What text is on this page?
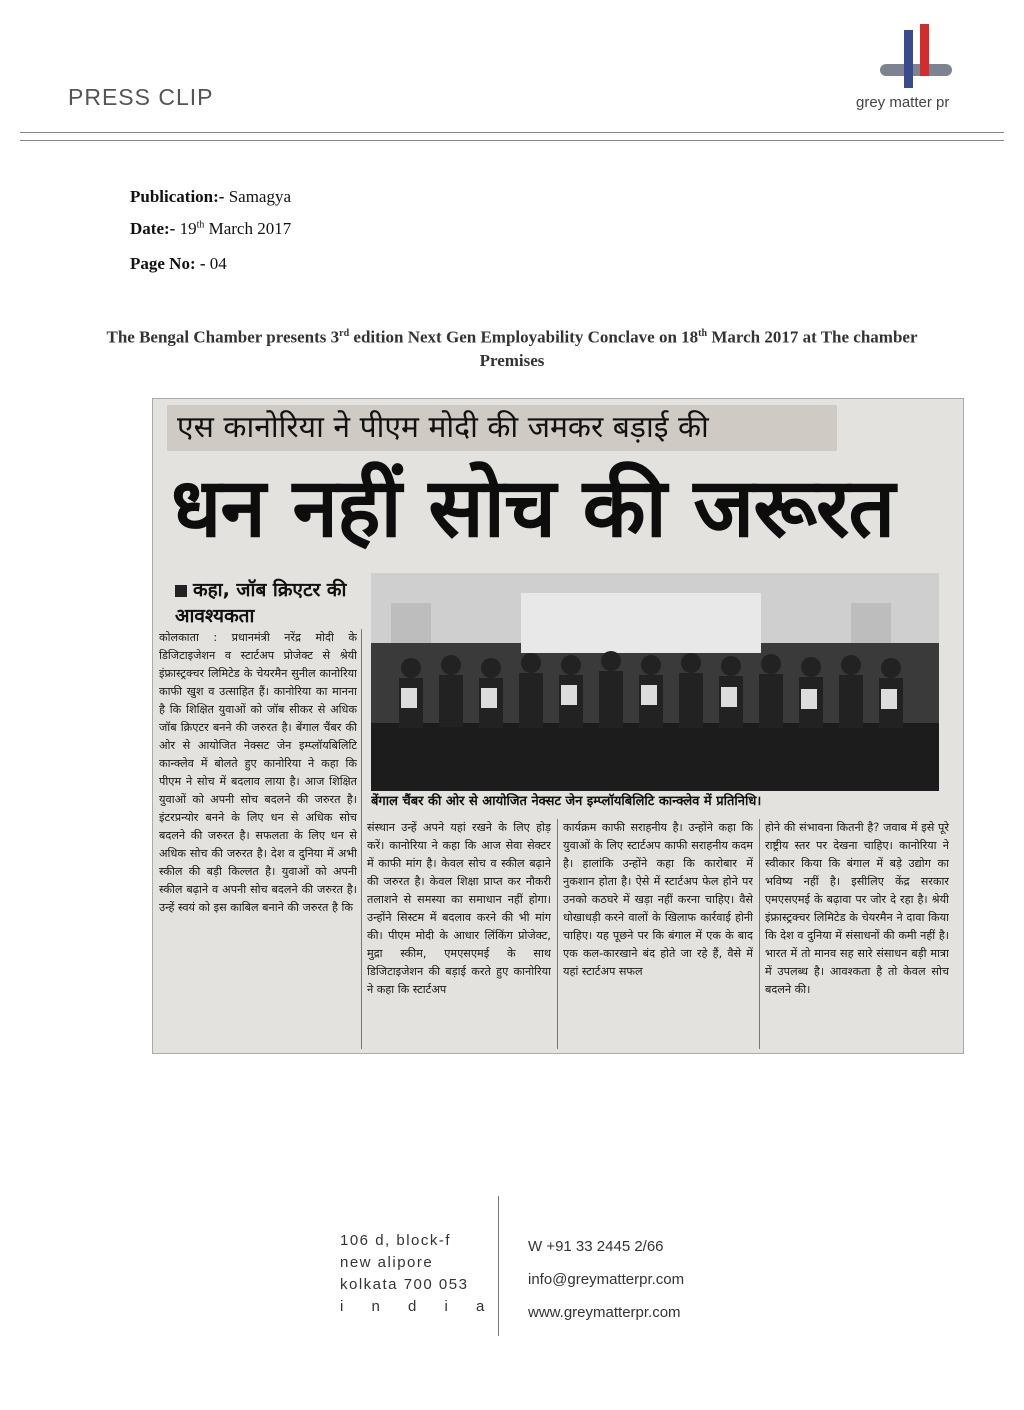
PRESS CLIP	grey matter pr
Publication:- Samagya
Date:- 19th March 2017
Page No: - 04
The Bengal Chamber presents 3rd edition Next Gen Employability Conclave on 18th March 2017 at The chamber Premises
एस कानोरिया ने पीएम मोदी की जमकर बड़ाई की
धन नहीं सोच की जरूरत
कहा, जॉब क्रिएटर की आवश्यकता
बेंगाल चैंबर की ओर से आयोजित नेक्सट जेन इम्प्लॉयबिलिटि कान्क्लेव में प्रतिनिधि।
कोलकाता : प्रधानमंत्री नरेंद्र मोदी के डिजिटाइजेशन व स्टार्टअप प्रोजेक्ट से श्रेयी इंफ्रास्ट्रक्चर लिमिटेड के चेयरमैन सुनील कानोरिया काफी खुश व उत्साहित हैं। कानोरिया का मानना है कि शिक्षित युवाओं को जॉब सीकर से अधिक जॉब क्रिएटर बनने की जरुरत है। बेंगाल चैंबर की ओर से आयोजित नेक्सट जेन इम्प्लॉयबिलिटि कान्क्लेव में बोलते हुए कानोरिया ने कहा कि पीएम ने सोच में बदलाव लाया है। आज शिक्षित युवाओं को अपनी सोच बदलने की जरुरत है। इंटरप्रन्योर बनने के लिए धन से अधिक सोच बदलने की जरुरत है। सफलता के लिए धन से अधिक सोच की जरुरत है। देश व दुनिया में अभी स्कील की बड़ी किल्लत है। युवाओं को अपनी स्कील बढ़ाने व अपनी सोच बदलने की जरुरत है। उन्हें स्वयं को इस काबिल बनाने की जरुरत है कि
संस्थान उन्हें अपने यहां रखने के लिए होड़ करें। कानोरिया ने कहा कि आज सेवा सेक्टर में काफी मांग है। केवल सोच व स्कील बढ़ाने की जरुरत है। केवल शिक्षा प्राप्त कर नौकरी तलाशने से समस्या का समाधान नहीं होगा। उन्होंने सिस्टम में बदलाव करने की भी मांग की। पीएम मोदी के आधार लिंकिंग प्रोजेक्ट, मुद्रा स्कीम, एमएसएमई के साथ डिजिटाइजेशन की बड़ाई करते हुए कानोरिया ने कहा कि स्टार्टअप
कार्यक्रम काफी सराहनीय है। उन्होंने कहा कि युवाओं के लिए स्टार्टअप काफी सराहनीय कदम है। हालांकि उन्होंने कहा कि कारोबार में नुकशान होता है। ऐसे में स्टार्टअप फेल होने पर उनको कठघरे में खड़ा नहीं करना चाहिए। वैसे धोखाधड़ी करने वालों के खिलाफ कार्रवाई होनी चाहिए। यह पूछने पर कि बंगाल में एक के बाद एक कल-कारखाने बंद होते जा रहे हैं, वैसे में यहां स्टार्टअप सफल
होने की संभावना कितनी है? जवाब में इसे पूरे राष्ट्रीय स्तर पर देखना चाहिए। कानोरिया ने स्वीकार किया कि बंगाल में बड़े उद्योग का भविष्य नहीं है। इसीलिए केंद्र सरकार एमएसएमई के बढ़ावा पर जोर दे रहा है। श्रेयी इंफ्रास्ट्रक्चर लिमिटेड के चेयरमैन ने दावा किया कि देश व दुनिया में संसाधनों की कमी नहीं है। भारत में तो मानव सह सारे संसाधन बड़ी मात्रा में उपलब्ध है। आवश्कता है तो केवल सोच बदलने की।
106 d, block-f
new alipore
kolkata 700 053
i n d i a
W +91 33 2445 2/66
info@greymatterpr.com
www.greymatterpr.com
